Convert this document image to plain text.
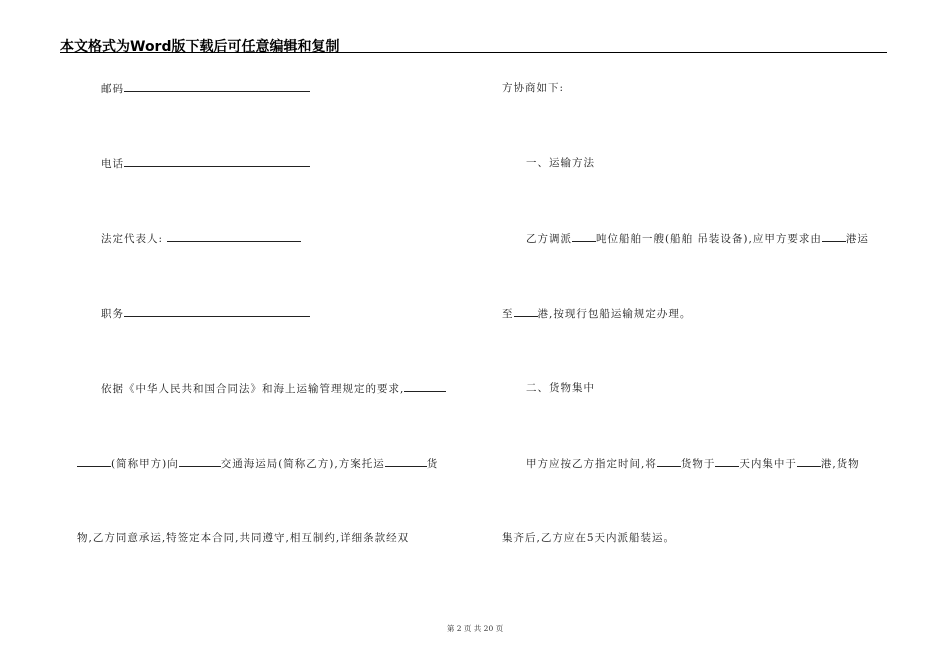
本文格式为Word版下载后可任意编辑和复制
邮码
电话
法定代表人:
职务
依据《中华人民共和国合同法》和海上运输管理规定的要求,
(简称甲方)向	交通海运局(简称乙方),方案托运	货
物,乙方同意承运,特签定本合同,共同遵守,相互制约,详细条款经双
方协商如下:
一、运输方法
乙方调派 吨位船舶一艘(船舶 吊装设备),应甲方要求由 港运
至 港,按现行包船运输规定办理。
二、货物集中
甲方应按乙方指定时间,将 货物于 天内集中于 港,货物
集齐后,乙方应在5天内派船装运。
第 2 页 共 20 页
